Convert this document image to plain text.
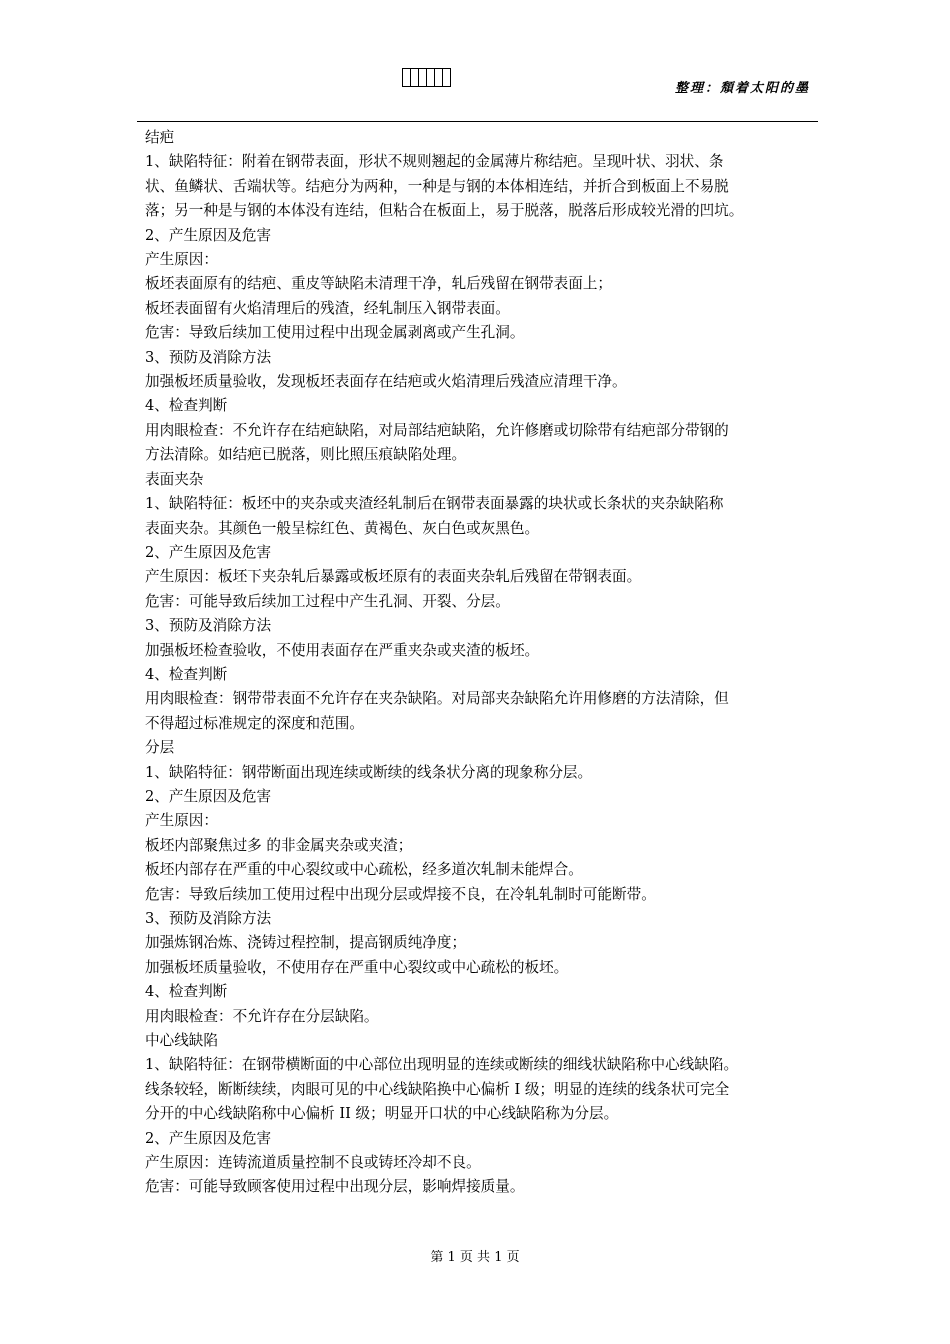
整理：頽着太阳的墨

结疤

1、缺陷特征：附着在钢带表面，形状不规则翘起的金属薄片称结疤。呈现叶状、羽状、条

状、鱼鳞状、舌端状等。结疤分为两种，一种是与钢的本体相连结，并折合到板面上不易脱

落；另一种是与钢的本体没有连结，但粘合在板面上，易于脱落，脱落后形成较光滑的凹坑。

2、产生原因及危害

产生原因：

板坯表面原有的结疤、重皮等缺陷未清理干净，轧后残留在钢带表面上；

板坯表面留有火焰清理后的残渣，经轧制压入钢带表面。

危害：导致后续加工使用过程中出现金属剥离或产生孔洞。

3、预防及消除方法

加强板坯质量验收，发现板坯表面存在结疤或火焰清理后残渣应清理干净。

4、检查判断

用肉眼检查：不允许存在结疤缺陷，对局部结疤缺陷，允许修磨或切除带有结疤部分带钢的

方法清除。如结疤已脱落，则比照压痕缺陷处理。

表面夹杂

1、缺陷特征：板坯中的夹杂或夹渣经轧制后在钢带表面暴露的块状或长条状的夹杂缺陷称

表面夹杂。其颜色一般呈棕红色、黄褐色、灰白色或灰黑色。

2、产生原因及危害

产生原因：板坯下夹杂轧后暴露或板坯原有的表面夹杂轧后残留在带钢表面。

危害：可能导致后续加工过程中产生孔洞、开裂、分层。

3、预防及消除方法

加强板坯检查验收，不使用表面存在严重夹杂或夹渣的板坯。

4、检查判断

用肉眼检查：钢带带表面不允许存在夹杂缺陷。对局部夹杂缺陷允许用修磨的方法清除，但

不得超过标准规定的深度和范围。

分层

1、缺陷特征：钢带断面出现连续或断续的线条状分离的现象称分层。

2、产生原因及危害

产生原因：

板坯内部聚焦过多 的非金属夹杂或夹渣；

板坯内部存在严重的中心裂纹或中心疏松，经多道次轧制未能焊合。

危害：导致后续加工使用过程中出现分层或焊接不良，在冷轧轧制时可能断带。

3、预防及消除方法

加强炼钢冶炼、浇铸过程控制，提高钢质纯净度；

加强板坯质量验收，不使用存在严重中心裂纹或中心疏松的板坯。

4、检查判断

用肉眼检查：不允许存在分层缺陷。

中心线缺陷

1、缺陷特征：在钢带横断面的中心部位出现明显的连续或断续的细线状缺陷称中心线缺陷。

线条较轻，断断续续，肉眼可见的中心线缺陷换中心偏析 I 级；明显的连续的线条状可完全

分开的中心线缺陷称中心偏析 II 级；明显开口状的中心线缺陷称为分层。

2、产生原因及危害

产生原因：连铸流道质量控制不良或铸坯冷却不良。

危害：可能导致顾客使用过程中出现分层，影响焊接质量。

第 1 页 共 1 页
